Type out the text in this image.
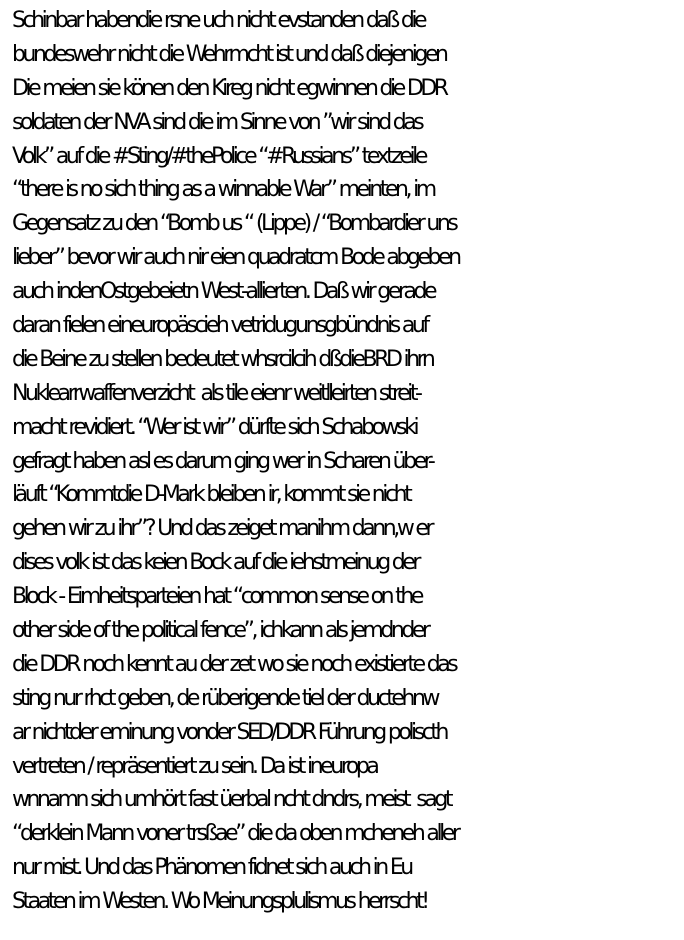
Schinbar habendie rsne uch nicht evstanden daß die
bundeswehr nicht die Wehrmcht ist und daß diejenigen
Die meien sie könen den Kireg nicht egwinnen die DDR
soldaten der NVA sind die im Sinne von ”wir sind das
Volk” auf die #Sting/#thePolice “#Russians” textzeile
“there is no sich thing as a winnable War” meinten, im
Gegensatz zu den “Bomb us “ (Lippe) / “Bombardier uns
lieber” bevor wir auch nir eien quadratcm Bode abgeben
auch indenOstgebeietn West-allierten. Daß wir gerade
daran fielen eineuropäscieh vetridugunsgbündnis auf
die Beine zu stellen bedeutet whsrcilcih dßdieBRD ihrn
Nuklearrwaffenverzicht  als tile eienr weitlleirten streit-
macht revidiert. “Wer ist wir” dürfte sich Schabowski
gefragt haben asl es darum ging wer in Scharen über-
läuft “Kommtdie D-Mark bleiben ir, kommt sie nicht
gehen wir zu ihr”? Und das zeiget manihm dann,w er
dises volk ist das keien Bock auf die iehstmeinug der
Block - Eimheitsparteien hat “common sense on the
other side of the political fence”, ichkann als jemdnder
die DDR noch kennt au der zet wo sie noch existierte das
sting nur rhct geben, de rüberigende tiel der ductehnw
ar nichtder eminung vonder SED/DDR Führung poliscth
vertreten / repräsentiert zu sein. Da ist ineuropa
wnnamn sich umhört fast üerbal ncht dndrs, meist  sagt
“derklein Mann voner trsßae” die da oben mcheneh aller
nur mist. Und das Phänomen fidnet sich auch in Eu
Staaten im Westen. Wo Meinungsplulismus herrscht!
